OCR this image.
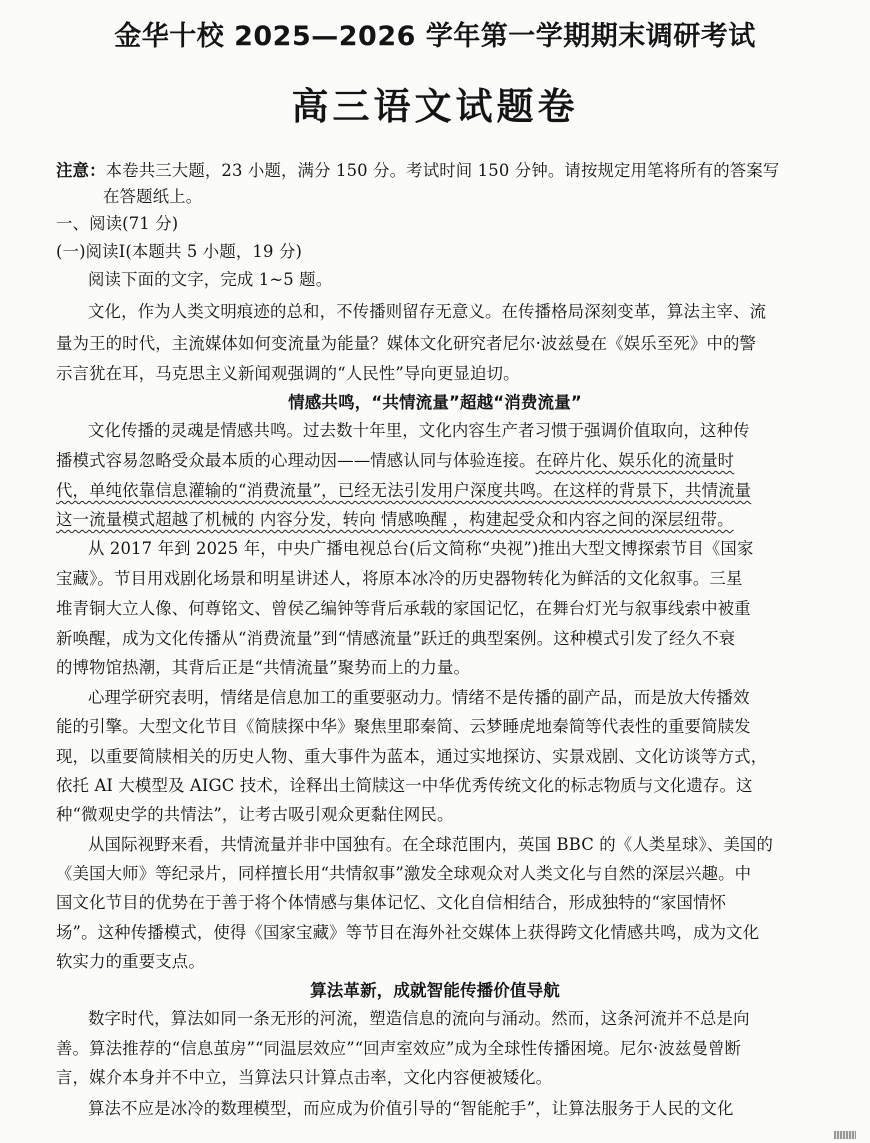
金华十校 2025—2026 学年第一学期期末调研考试
高三语文试题卷
注意：本卷共三大题，23 小题，满分 150 分。考试时间 150 分钟。请按规定用笔将所有的答案写
在答题纸上。
一、阅读(71 分)
(一)阅读Ⅰ(本题共 5 小题，19 分)
阅读下面的文字，完成 1~5 题。
文化，作为人类文明痕迹的总和，不传播则留存无意义。在传播格局深刻变革，算法主宰、流
量为王的时代，主流媒体如何变流量为能量？媒体文化研究者尼尔·波兹曼在《娱乐至死》中的警
示言犹在耳，马克思主义新闻观强调的“人民性”导向更显迫切。
情感共鸣，“共情流量”超越“消费流量”
文化传播的灵魂是情感共鸣。过去数十年里，文化内容生产者习惯于强调价值取向，这种传
播模式容易忽略受众最本质的心理动因——情感认同与体验连接。在碎片化、娱乐化的流量时
代，单纯依靠信息灌输的“消费流量”，已经无法引发用户深度共鸣。在这样的背景下，共情流量
这一流量模式超越了机械的 内容分发，转向 情感唤醒 ，构建起受众和内容之间的深层纽带。
从 2017 年到 2025 年，中央广播电视总台(后文简称“央视”)推出大型文博探索节目《国家
宝藏》。节目用戏剧化场景和明星讲述人，将原本冰冷的历史器物转化为鲜活的文化叙事。三星
堆青铜大立人像、何尊铭文、曾侯乙编钟等背后承载的家国记忆，在舞台灯光与叙事线索中被重
新唤醒，成为文化传播从“消费流量”到“情感流量”跃迁的典型案例。这种模式引发了经久不衰
的博物馆热潮，其背后正是“共情流量”聚势而上的力量。
心理学研究表明，情绪是信息加工的重要驱动力。情绪不是传播的副产品，而是放大传播效
能的引擎。大型文化节目《简牍探中华》聚焦里耶秦简、云梦睡虎地秦简等代表性的重要简牍发
现，以重要简牍相关的历史人物、重大事件为蓝本，通过实地探访、实景戏剧、文化访谈等方式，
依托 AI 大模型及 AIGC 技术，诠释出土简牍这一中华优秀传统文化的标志物质与文化遗存。这
种“微观史学的共情法”，让考古吸引观众更黏住网民。
从国际视野来看，共情流量并非中国独有。在全球范围内，英国 BBC 的《人类星球》、美国的
《美国大师》等纪录片，同样擅长用“共情叙事”激发全球观众对人类文化与自然的深层兴趣。中
国文化节目的优势在于善于将个体情感与集体记忆、文化自信相结合，形成独特的“家国情怀
场”。这种传播模式，使得《国家宝藏》等节目在海外社交媒体上获得跨文化情感共鸣，成为文化
软实力的重要支点。
算法革新，成就智能传播价值导航
数字时代，算法如同一条无形的河流，塑造信息的流向与涌动。然而，这条河流并不总是向
善。算法推荐的“信息茧房”“同温层效应”“回声室效应”成为全球性传播困境。尼尔·波兹曼曾断
言，媒介本身并不中立，当算法只计算点击率，文化内容便被矮化。
算法不应是冰冷的数理模型，而应成为价值引导的“智能舵手”，让算法服务于人民的文化
